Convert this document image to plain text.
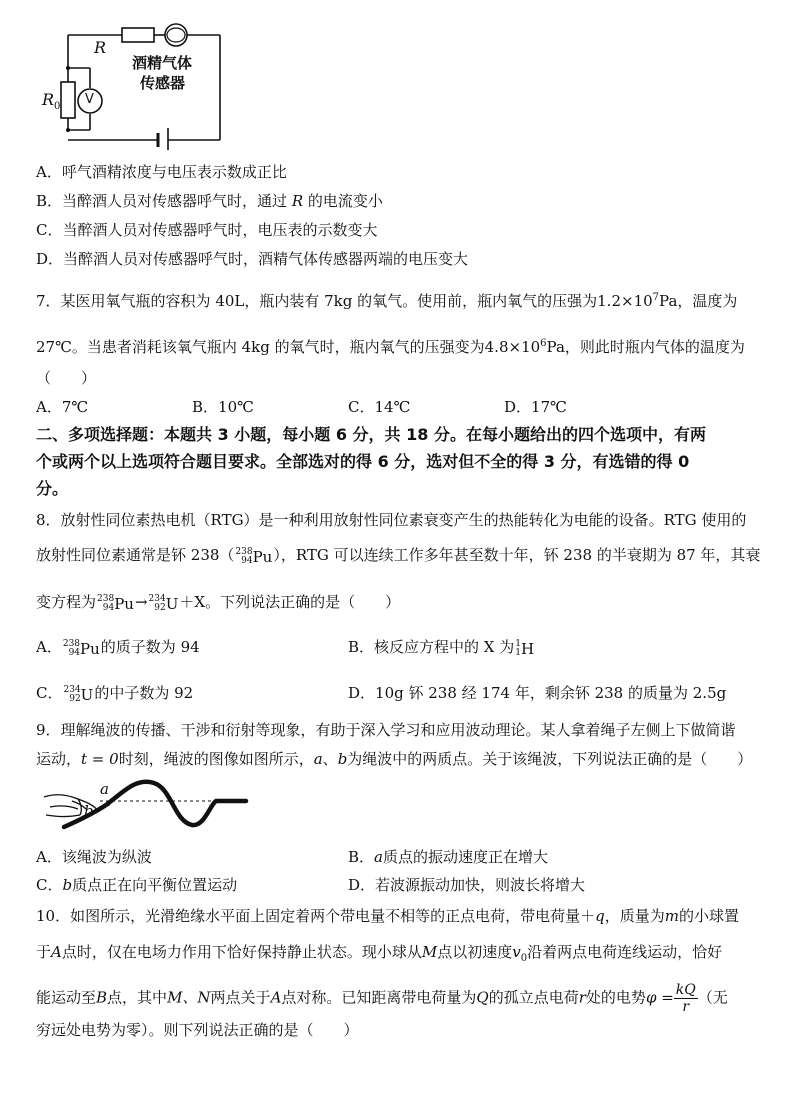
R
$R_0$ V
酒精气体
传感器
A．呼气酒精浓度与电压表示数成正比
B．当醉酒人员对传感器呼气时，通过 R 的电流变小
C．当醉酒人员对传感器呼气时，电压表的示数变大
D．当醉酒人员对传感器呼气时，酒精气体传感器两端的电压变大
7．某医用氧气瓶的容积为 40L，瓶内装有 7kg 的氧气。使用前，瓶内氧气的压强为$1.2\times 10^7Pa$，温度为
27℃。当患者消耗该氧气瓶内 4kg 的氧气时，瓶内氧气的压强变为$4.8\times 10^6Pa$，则此时瓶内气体的温度为
（　　）
A．7℃	B．10℃	C．14℃	D．17℃
二、多项选择题：本题共 3 小题，每小题 6 分，共 18 分。在每小题给出的四个选项中，有两
个或两个以上选项符合题目要求。全部选对的得 6 分，选对但不全的得 3 分，有选错的得 0
分。
8．放射性同位素热电机（RTG）是一种利用放射性同位素衰变产生的热能转化为电能的设备。RTG 使用的
放射性同位素通常是钚 238（ 238
94 Pu），RTG 可以连续工作多年甚至数十年，钚 238 的半衰期为 87 年，其衰
变方程为 238
94 Pu→ 234
92 U＋X。下列说法正确的是（　　）
A． 238
94 Pu的质子数为 94	B．核反应方程中的 X 为 1
1 H
C． 234
92 U的中子数为 92	D．10g 钚 238 经 174 年，剩余钚 238 的质量为 2.5g
9．理解绳波的传播、干涉和衍射等现象，有助于深入学习和应用波动理论。某人拿着绳子左侧上下做简谐
运动，t = 0时刻，绳波的图像如图所示，a、b为绳波中的两质点。关于该绳波，下列说法正确的是（　　）
a
b
A．该绳波为纵波	B．a质点的振动速度正在增大
C．b质点正在向平衡位置运动	D．若波源振动加快，则波长将增大
10．如图所示，光滑绝缘水平面上固定着两个带电量不相等的正点电荷，带电荷量＋q，质量为m的小球置
于A点时，仅在电场力作用下恰好保持静止状态。现小球从M点以初速度$v_0$沿着两点电荷连线运动，恰好
能运动至B点，其中M、N两点关于A点对称。已知距离带电荷量为Q的孤立点电荷r处的电势$\varphi = \frac{kQ}{r}$ （无
穷远处电势为零）。则下列说法正确的是（　　）
